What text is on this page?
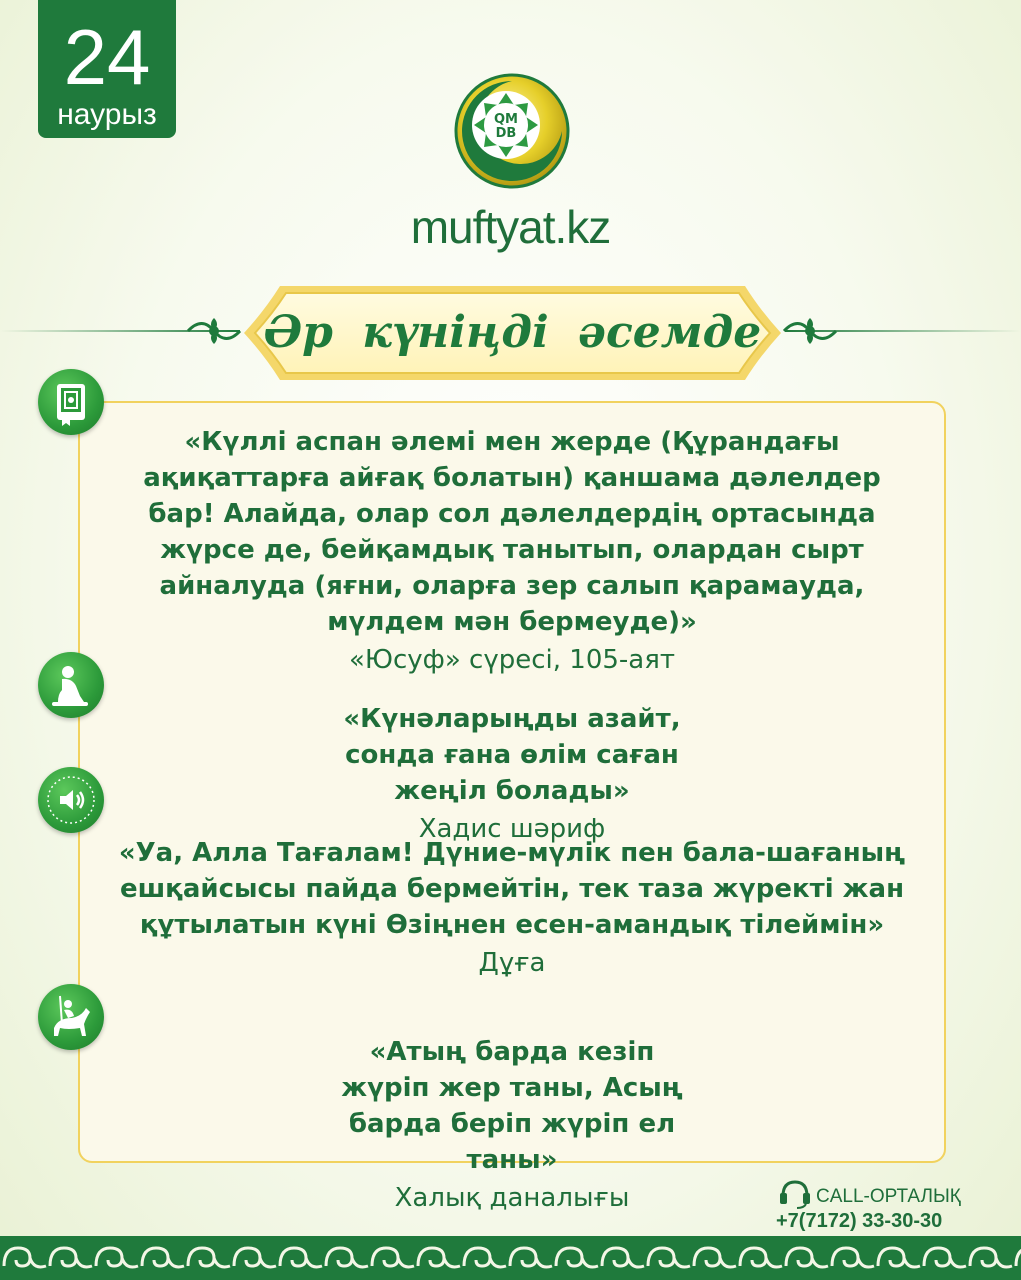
24
наурыз	QM
DB
muftyat.kz
Әр күніңді әсемде
«Күллі аспан әлемі мен жерде (Құрандағы ақиқаттарға айғақ болатын) қаншама дәлелдер бар! Алайда, олар сол дәлелдердің ортасында жүрсе де, бейқамдық танытып, олардан сырт айналуда (яғни, оларға зер салып қарамауда, мүлдем мән бермеуде)»
«Юсуф» сүресі, 105-аят
«Күнәларыңды азайт, сонда ғана өлім саған жеңіл болады»
Хадис шәриф
«Уа, Алла Тағалам! Дүние-мүлік пен бала-шағаның ешқайсысы пайда бермейтін, тек таза жүректі жан құтылатын күні Өзіңнен есен-амандық тілеймін»
Дұға
«Атың барда кезіп жүріп жер таны, Асың барда беріп жүріп ел таны»
Халық даналығы	CALL-ОРТАЛЫҚ
+7(7172) 33-30-30
